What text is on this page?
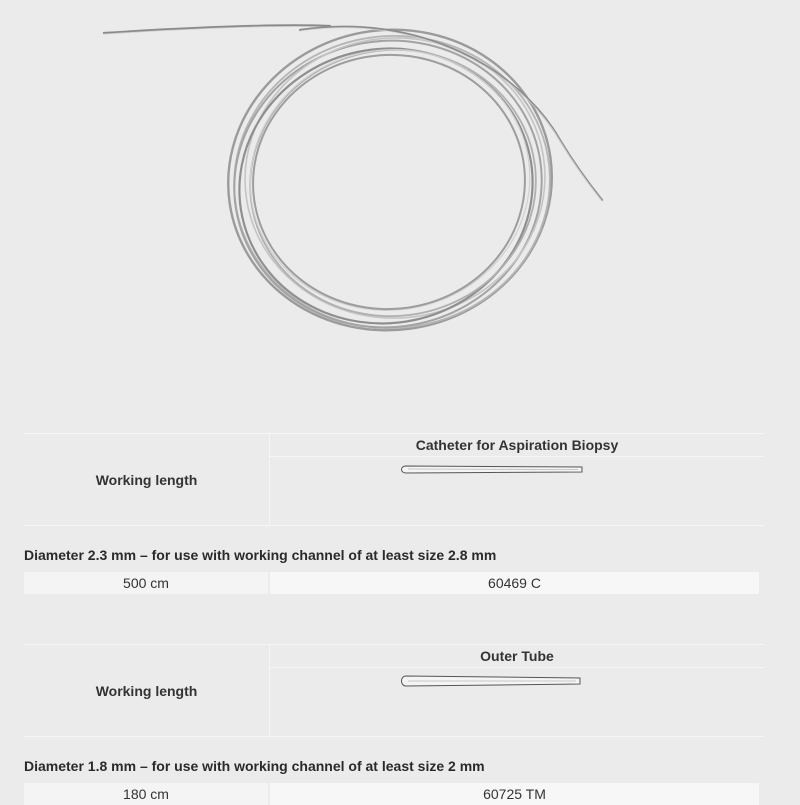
Working length
Catheter for Aspiration Biopsy
Diameter 2.3 mm – for use with working channel of at least size 2.8 mm
500 cm	60469 C
Working length
Outer Tube
Diameter 1.8 mm – for use with working channel of at least size 2 mm
180 cm	60725 TM
